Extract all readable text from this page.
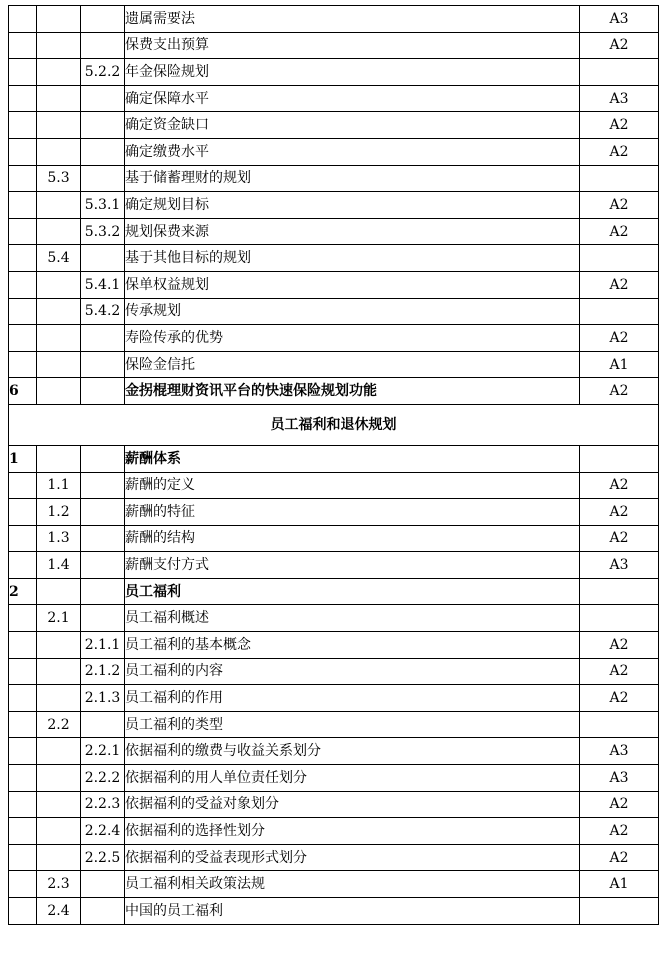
			遗属需要法	A3
			保费支出预算	A2
		5.2.2	年金保险规划	
			确定保障水平	A3
			确定资金缺口	A2
			确定缴费水平	A2
	5.3		基于储蓄理财的规划	
		5.3.1	确定规划目标	A2
		5.3.2	规划保费来源	A2
	5.4		基于其他目标的规划	
		5.4.1	保单权益规划	A2
		5.4.2	传承规划	
			寿险传承的优势	A2
			保险金信托	A1
6			金拐棍理财资讯平台的快速保险规划功能	A2
员工福利和退休规划				
1			薪酬体系	
	1.1		薪酬的定义	A2
	1.2		薪酬的特征	A2
	1.3		薪酬的结构	A2
	1.4		薪酬支付方式	A3
2			员工福利	
	2.1		员工福利概述	
		2.1.1	员工福利的基本概念	A2
		2.1.2	员工福利的内容	A2
		2.1.3	员工福利的作用	A2
	2.2		员工福利的类型	
		2.2.1	依据福利的缴费与收益关系划分	A3
		2.2.2	依据福利的用人单位责任划分	A3
		2.2.3	依据福利的受益对象划分	A2
		2.2.4	依据福利的选择性划分	A2
		2.2.5	依据福利的受益表现形式划分	A2
	2.3		员工福利相关政策法规	A1
	2.4		中国的员工福利	
